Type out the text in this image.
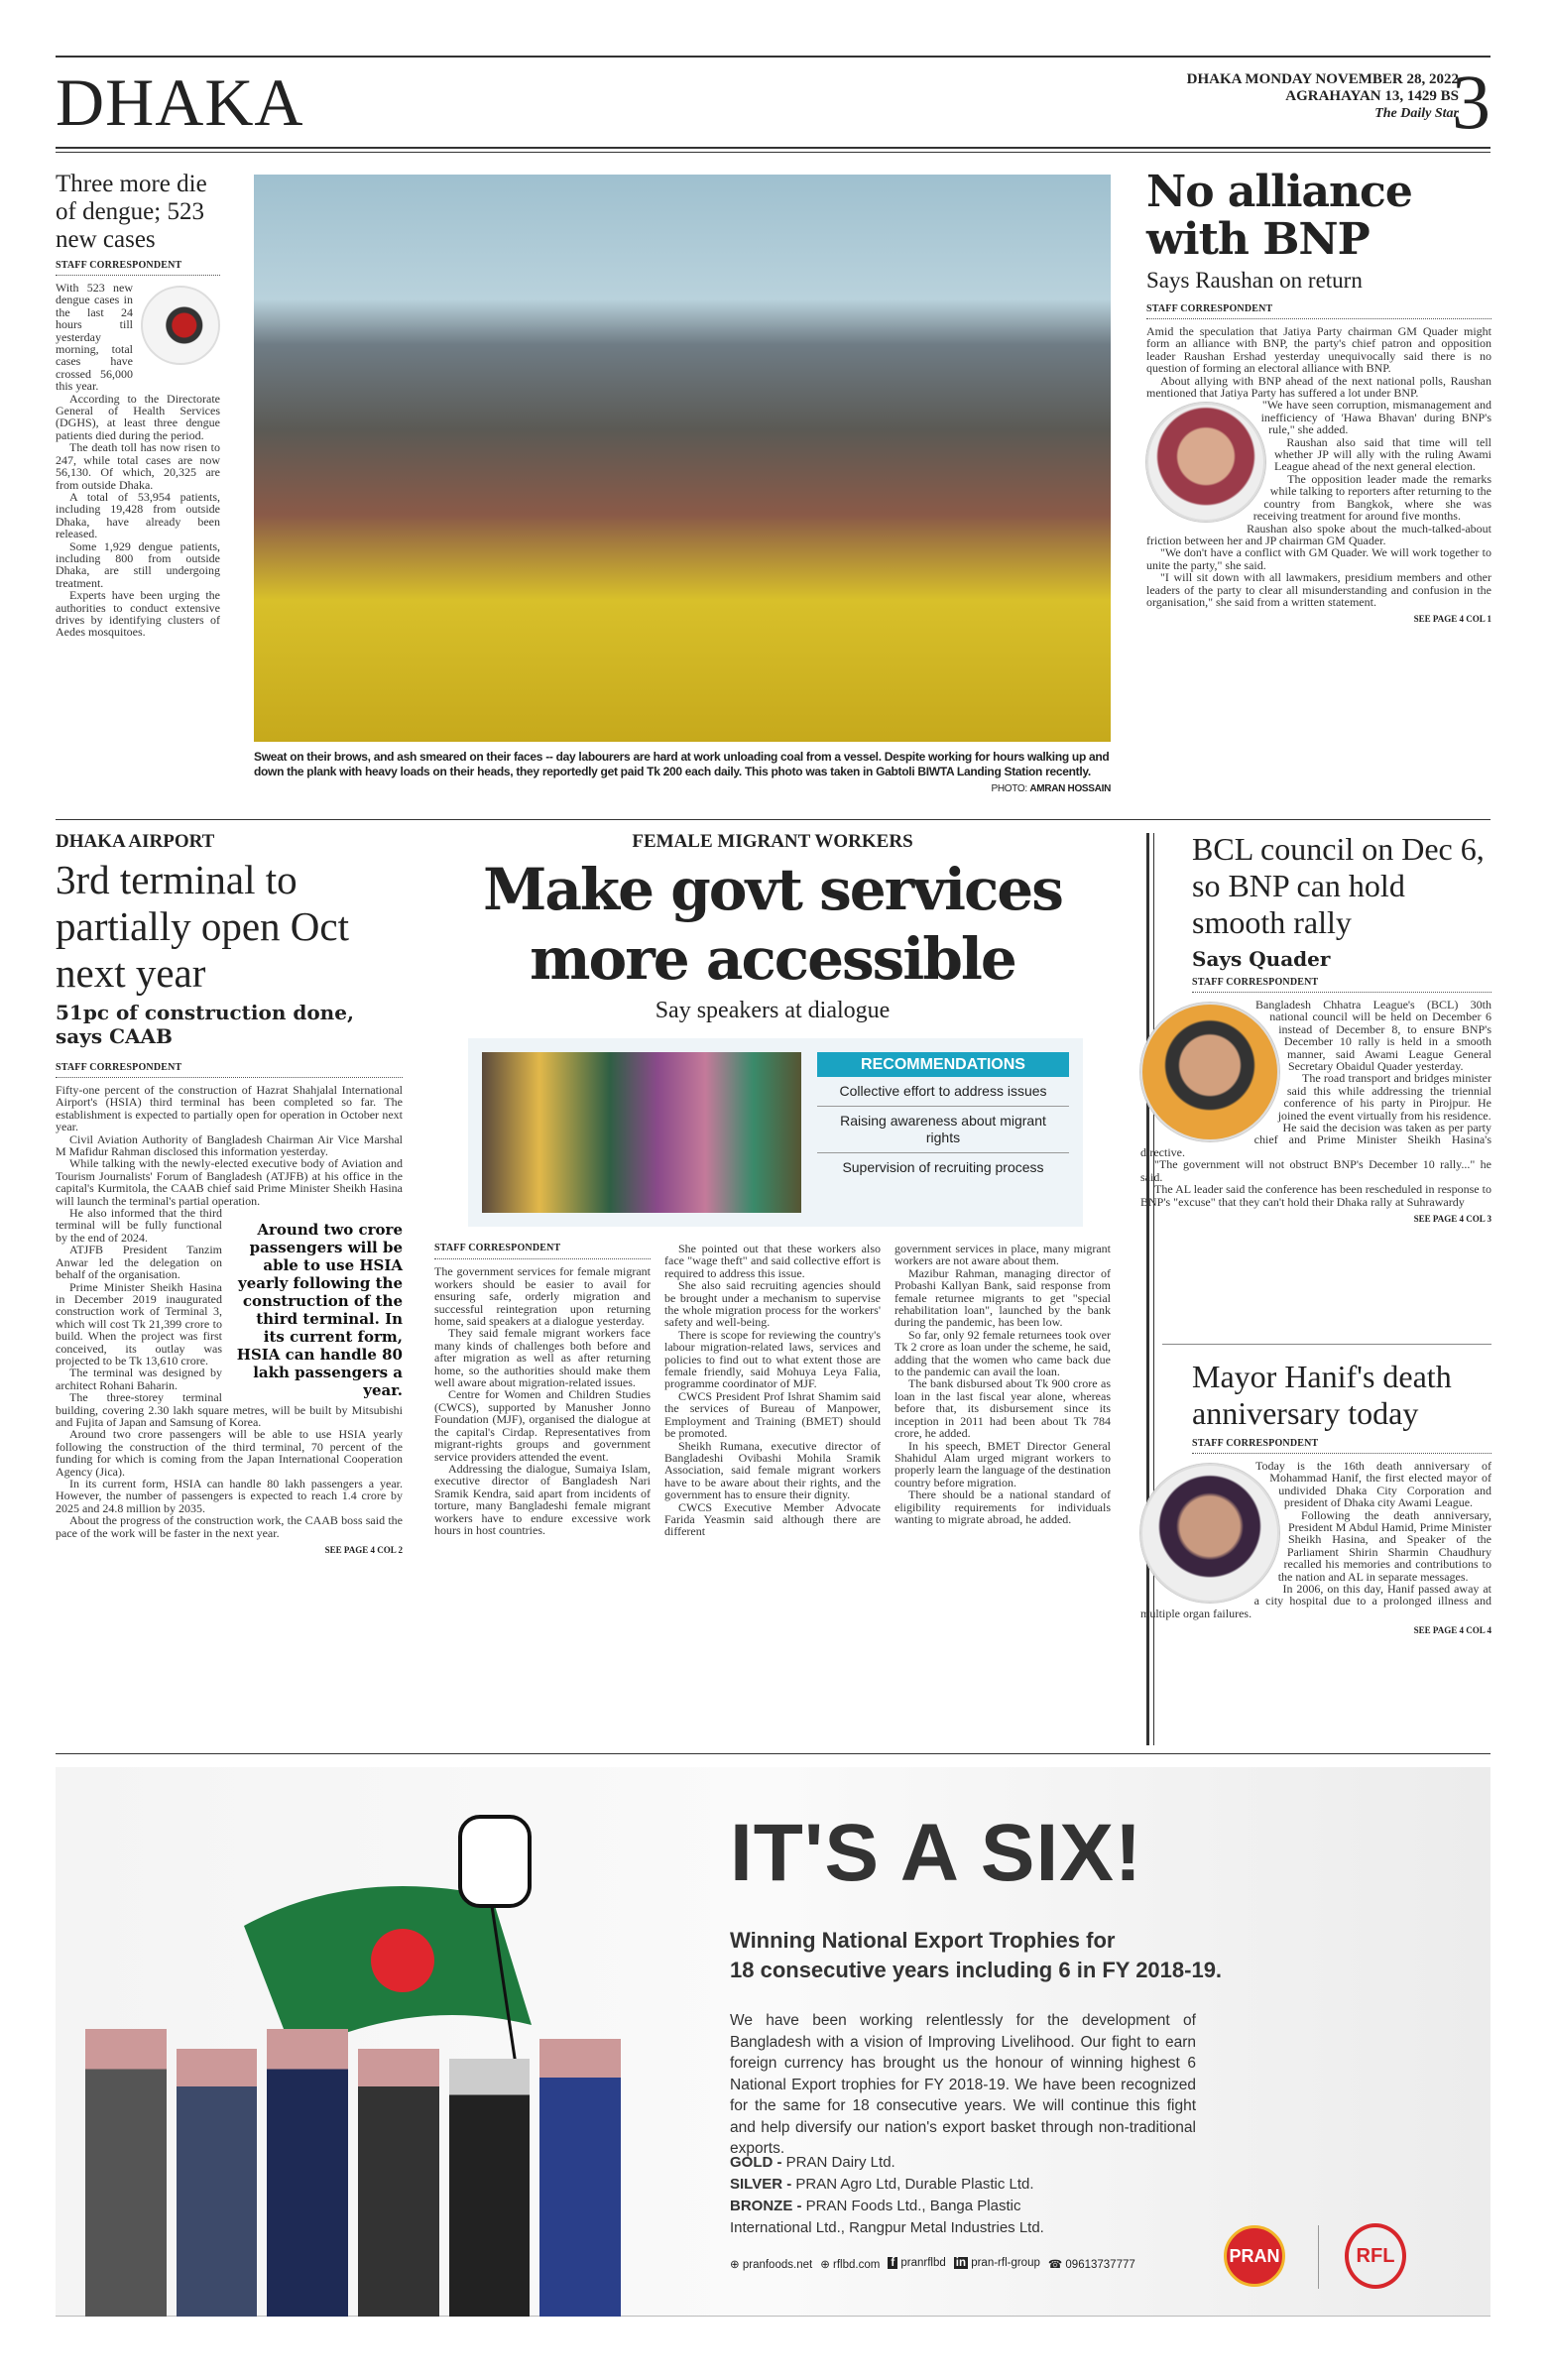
DHAKA	DHAKA MONDAY NOVEMBER 28, 2022
AGRAHAYAN 13, 1429 BS
The Daily Star
3
Three more die of dengue; 523 new cases
STAFF CORRESPONDENT

With 523 new dengue cases in the last 24 hours till yesterday morning, total cases have crossed 56,000 this year.

According to the Directorate General of Health Services (DGHS), at least three dengue patients died during the period.

The death toll has now risen to 247, while total cases are now 56,130. Of which, 20,325 are from outside Dhaka.

A total of 53,954 patients, including 19,428 from outside Dhaka, have already been released.

Some 1,929 dengue patients, including 800 from outside Dhaka, are still undergoing treatment.

Experts have been urging the authorities to conduct extensive drives by identifying clusters of Aedes mosquitoes.

Sweat on their brows, and ash smeared on their faces -- day labourers are hard at work unloading coal from a vessel. Despite working for hours walking up and down the plank with heavy loads on their heads, they reportedly get paid Tk 200 each daily. This photo was taken in Gabtoli BIWTA Landing Station recently.
PHOTO: AMRAN HOSSAIN
No alliance with BNP
Says Raushan on return
STAFF CORRESPONDENT

Amid the speculation that Jatiya Party chairman GM Quader might form an alliance with BNP, the party's chief patron and opposition leader Raushan Ershad yesterday unequivocally said there is no question of forming an electoral alliance with BNP.

About allying with BNP ahead of the next national polls, Raushan mentioned that Jatiya Party has suffered a lot under BNP.

"We have seen corruption, mismanagement and inefficiency of 'Hawa Bhavan' during BNP's rule," she added.

Raushan also said that time will tell whether JP will ally with the ruling Awami League ahead of the next general election.

The opposition leader made the remarks while talking to reporters after returning to the country from Bangkok, where she was receiving treatment for around five months.

Raushan also spoke about the much-talked-about friction between her and JP chairman GM Quader.

"We don't have a conflict with GM Quader. We will work together to unite the party," she said.

"I will sit down with all lawmakers, presidium members and other leaders of the party to clear all misunderstanding and confusion in the organisation," she said from a written statement.

SEE PAGE 4 COL 1
DHAKA AIRPORT
3rd terminal to partially open Oct next year
51pc of construction done, says CAAB
STAFF CORRESPONDENT

Fifty-one percent of the construction of Hazrat Shahjalal International Airport's (HSIA) third terminal has been completed so far. The establishment is expected to partially open for operation in October next year.

Civil Aviation Authority of Bangladesh Chairman Air Vice Marshal M Mafidur Rahman disclosed this information yesterday.

While talking with the newly-elected executive body of Aviation and Tourism Journalists' Forum of Bangladesh (ATJFB) at his office in the capital's Kurmitola, the CAAB chief said Prime Minister Sheikh Hasina will launch the terminal's partial operation.

Around two crore passengers will be able to use HSIA yearly following the construction of the third terminal. In its current form, HSIA can handle 80 lakh passengers a year.

He also informed that the third terminal will be fully functional by the end of 2024.

ATJFB President Tanzim Anwar led the delegation on behalf of the organisation.

Prime Minister Sheikh Hasina in December 2019 inaugurated construction work of Terminal 3, which will cost Tk 21,399 crore to build. When the project was first conceived, its outlay was projected to be Tk 13,610 crore.

The terminal was designed by architect Rohani Baharin.

The three-storey terminal building, covering 2.30 lakh square metres, will be built by Mitsubishi and Fujita of Japan and Samsung of Korea.

Around two crore passengers will be able to use HSIA yearly following the construction of the third terminal, 70 percent of the funding for which is coming from the Japan International Cooperation Agency (Jica).

In its current form, HSIA can handle 80 lakh passengers a year. However, the number of passengers is expected to reach 1.4 crore by 2025 and 24.8 million by 2035.

About the progress of the construction work, the CAAB boss said the pace of the work will be faster in the next year.

SEE PAGE 4 COL 2
FEMALE MIGRANT WORKERS
Make govt services more accessible
Say speakers at dialogue
RECOMMENDATIONS
Collective effort to address issues
Raising awareness about migrant rights
Supervision of recruiting process
STAFF CORRESPONDENT

The government services for female migrant workers should be easier to avail for ensuring safe, orderly migration and successful reintegration upon returning home, said speakers at a dialogue yesterday.

They said female migrant workers face many kinds of challenges both before and after migration as well as after returning home, so the authorities should make them well aware about migration-related issues.

Centre for Women and Children Studies (CWCS), supported by Manusher Jonno Foundation (MJF), organised the dialogue at the capital's Cirdap. Representatives from migrant-rights groups and government service providers attended the event.

Addressing the dialogue, Sumaiya Islam, executive director of Bangladesh Nari Sramik Kendra, said apart from incidents of torture, many Bangladeshi female migrant workers have to endure excessive work hours in host countries.

She pointed out that these workers also face "wage theft" and said collective effort is required to address this issue.

She also said recruiting agencies should be brought under a mechanism to supervise the whole migration process for the workers' safety and well-being.

There is scope for reviewing the country's labour migration-related laws, services and policies to find out to what extent those are female friendly, said Mohuya Leya Falia, programme coordinator of MJF.

CWCS President Prof Ishrat Shamim said the services of Bureau of Manpower, Employment and Training (BMET) should be promoted.

Sheikh Rumana, executive director of Bangladeshi Ovibashi Mohila Sramik Association, said female migrant workers have to be aware about their rights, and the government has to ensure their dignity.

CWCS Executive Member Advocate Farida Yeasmin said although there are different

government services in place, many migrant workers are not aware about them.

Mazibur Rahman, managing director of Probashi Kallyan Bank, said response from female returnee migrants to get "special rehabilitation loan", launched by the bank during the pandemic, has been low.

So far, only 92 female returnees took over Tk 2 crore as loan under the scheme, he said, adding that the women who came back due to the pandemic can avail the loan.

The bank disbursed about Tk 900 crore as loan in the last fiscal year alone, whereas before that, its disbursement since its inception in 2011 had been about Tk 784 crore, he added.

In his speech, BMET Director General Shahidul Alam urged migrant workers to properly learn the language of the destination country before migration.

There should be a national standard of eligibility requirements for individuals wanting to migrate abroad, he added.

BCL council on Dec 6, so BNP can hold smooth rally
Says Quader
STAFF CORRESPONDENT

Bangladesh Chhatra League's (BCL) 30th national council will be held on December 6 instead of December 8, to ensure BNP's December 10 rally is held in a smooth manner, said Awami League General Secretary Obaidul Quader yesterday.

The road transport and bridges minister said this while addressing the triennial conference of his party in Pirojpur. He joined the event virtually from his residence.

He said the decision was taken as per party chief and Prime Minister Sheikh Hasina's directive.

"The government will not obstruct BNP's December 10 rally..." he said.

The AL leader said the conference has been rescheduled in response to BNP's "excuse" that they can't hold their Dhaka rally at Suhrawardy

SEE PAGE 4 COL 3
Mayor Hanif's death anniversary today
STAFF CORRESPONDENT

Today is the 16th death anniversary of Mohammad Hanif, the first elected mayor of undivided Dhaka City Corporation and president of Dhaka city Awami League.

Following the death anniversary, President M Abdul Hamid, Prime Minister Sheikh Hasina, and Speaker of the Parliament Shirin Sharmin Chaudhury recalled his memories and contributions to the nation and AL in separate messages.

In 2006, on this day, Hanif passed away at a city hospital due to a prolonged illness and multiple organ failures.

SEE PAGE 4 COL 4
IT'S A SIX!
Winning National Export Trophies for
18 consecutive years including 6 in FY 2018-19.
We have been working relentlessly for the development of Bangladesh with a vision of Improving Livelihood. Our fight to earn foreign currency has brought us the honour of winning highest 6 National Export trophies for FY 2018-19. We have been recognized for the same for 18 consecutive years. We will continue this fight and help diversify our nation's export basket through non-traditional exports.
GOLD - PRAN Dairy Ltd.
SILVER - PRAN Agro Ltd, Durable Plastic Ltd.
BRONZE - PRAN Foods Ltd., Banga Plastic International Ltd., Rangpur Metal Industries Ltd.
⊕ pranfoods.net ⊕ rflbd.com f pranrflbd in pran-rfl-group ☎ 09613737777	PRAN	RFL
